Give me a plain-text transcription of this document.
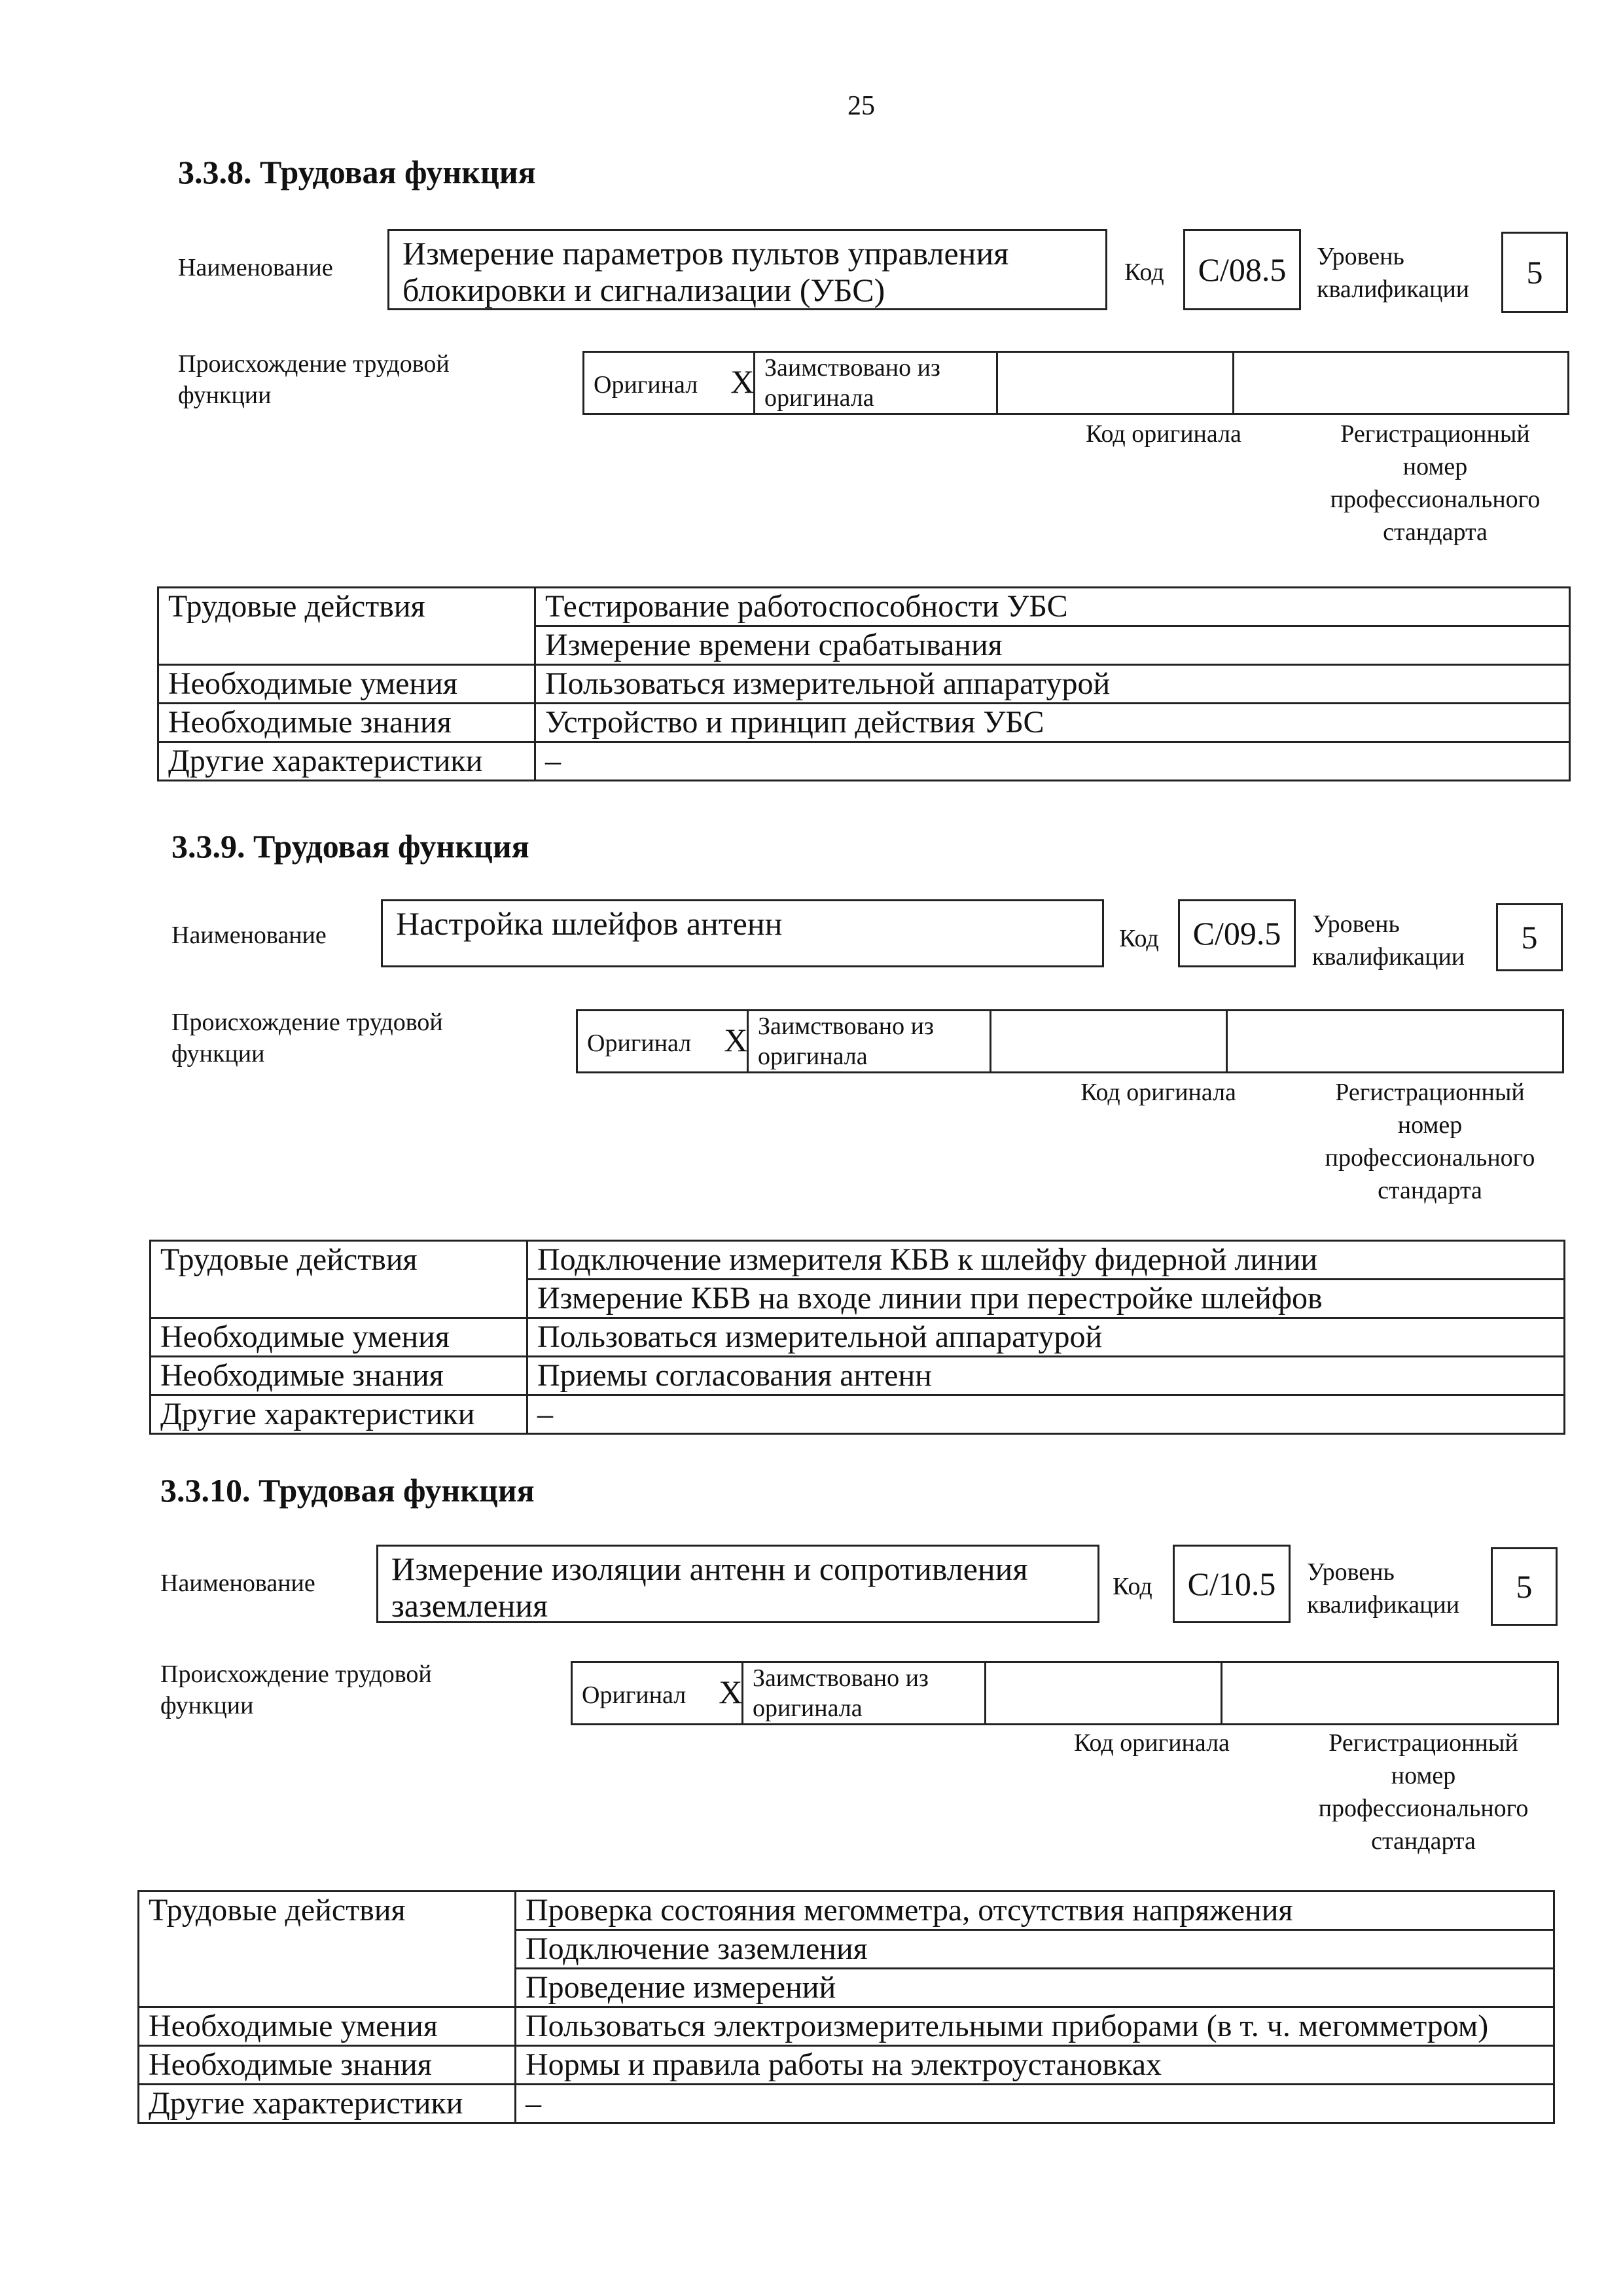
25
3.3.8. Трудовая функция
Наименование	Измерение параметров пультов управления блокировки и сигнализации (УБС)	Код	C/08.5	Уровень
квалификации	5
Происхождение трудовой
функции	Оригинал X	Заимствовано из оригинала		
Код оригинала	Регистрационный номер профессионального стандарта
Трудовые действия	Тестирование работоспособности УБС
	Измерение времени срабатывания
Необходимые умения	Пользоваться измерительной аппаратурой
Необходимые знания	Устройство и принцип действия УБС
Другие характеристики	–
3.3.9. Трудовая функция
Наименование	Настройка шлейфов антенн	Код	C/09.5	Уровень
квалификации
5
Происхождение трудовой
функции	Оригинал X	Заимствовано из оригинала		
Код оригинала	Регистрационный номер профессионального стандарта
Трудовые действия	Подключение измерителя КБВ к шлейфу фидерной линии
	Измерение КБВ на входе линии при перестройке шлейфов
Необходимые умения	Пользоваться измерительной аппаратурой
Необходимые знания	Приемы согласования антенн
Другие характеристики	–
3.3.10. Трудовая функция
Наименование	Измерение изоляции антенн и сопротивления заземления
Код	C/10.5	Уровень
квалификации	5
Происхождение трудовой
функции	Оригинал X	Заимствовано из оригинала		
Код оригинала	Регистрационный номер профессионального стандарта
Трудовые действия	Проверка состояния мегомметра, отсутствия напряжения
	Подключение заземления
	Проведение измерений
Необходимые умения	Пользоваться электроизмерительными приборами (в т. ч. мегомметром)
Необходимые знания	Нормы и правила работы на электроустановках
Другие характеристики	–
